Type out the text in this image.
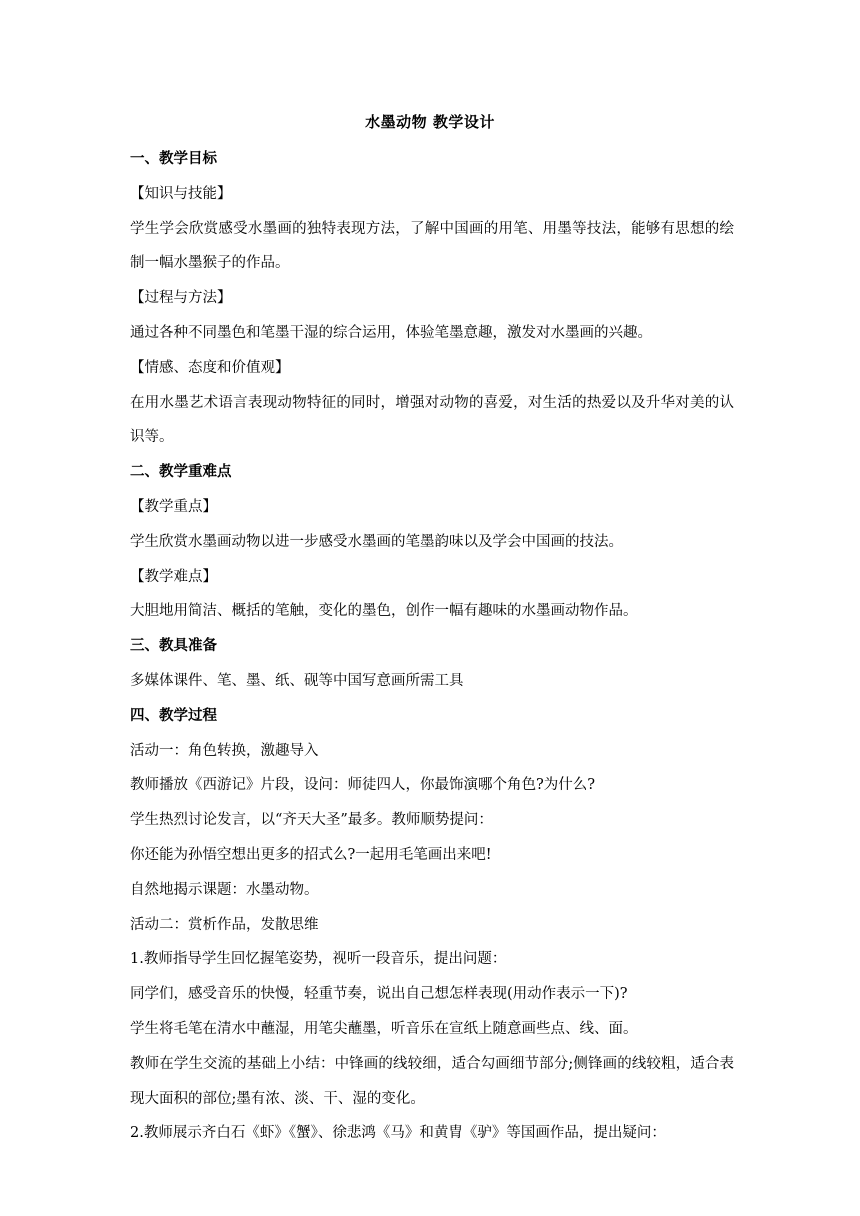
水墨动物 教学设计
一、教学目标
【知识与技能】
学生学会欣赏感受水墨画的独特表现方法，了解中国画的用笔、用墨等技法，能够有思想的绘制一幅水墨猴子的作品。
【过程与方法】
通过各种不同墨色和笔墨干湿的综合运用，体验笔墨意趣，激发对水墨画的兴趣。
【情感、态度和价值观】
在用水墨艺术语言表现动物特征的同时，增强对动物的喜爱，对生活的热爱以及升华对美的认识等。
二、教学重难点
【教学重点】
学生欣赏水墨画动物以进一步感受水墨画的笔墨韵味以及学会中国画的技法。
【教学难点】
大胆地用简洁、概括的笔触，变化的墨色，创作一幅有趣味的水墨画动物作品。
三、教具准备
多媒体课件、笔、墨、纸、砚等中国写意画所需工具
四、教学过程
活动一：角色转换，激趣导入
教师播放《西游记》片段，设问：师徒四人，你最饰演哪个角色?为什么?
学生热烈讨论发言，以“齐天大圣”最多。教师顺势提问：
你还能为孙悟空想出更多的招式么?一起用毛笔画出来吧!
自然地揭示课题：水墨动物。
活动二：赏析作品，发散思维
1.教师指导学生回忆握笔姿势，视听一段音乐，提出问题：
同学们，感受音乐的快慢，轻重节奏，说出自己想怎样表现(用动作表示一下)?
学生将毛笔在清水中蘸湿，用笔尖蘸墨，听音乐在宣纸上随意画些点、线、面。
教师在学生交流的基础上小结：中锋画的线较细，适合勾画细节部分;侧锋画的线较粗，适合表现大面积的部位;墨有浓、淡、干、湿的变化。
2.教师展示齐白石《虾》《蟹》、徐悲鸿《马》和黄胄《驴》等国画作品，提出疑问：
